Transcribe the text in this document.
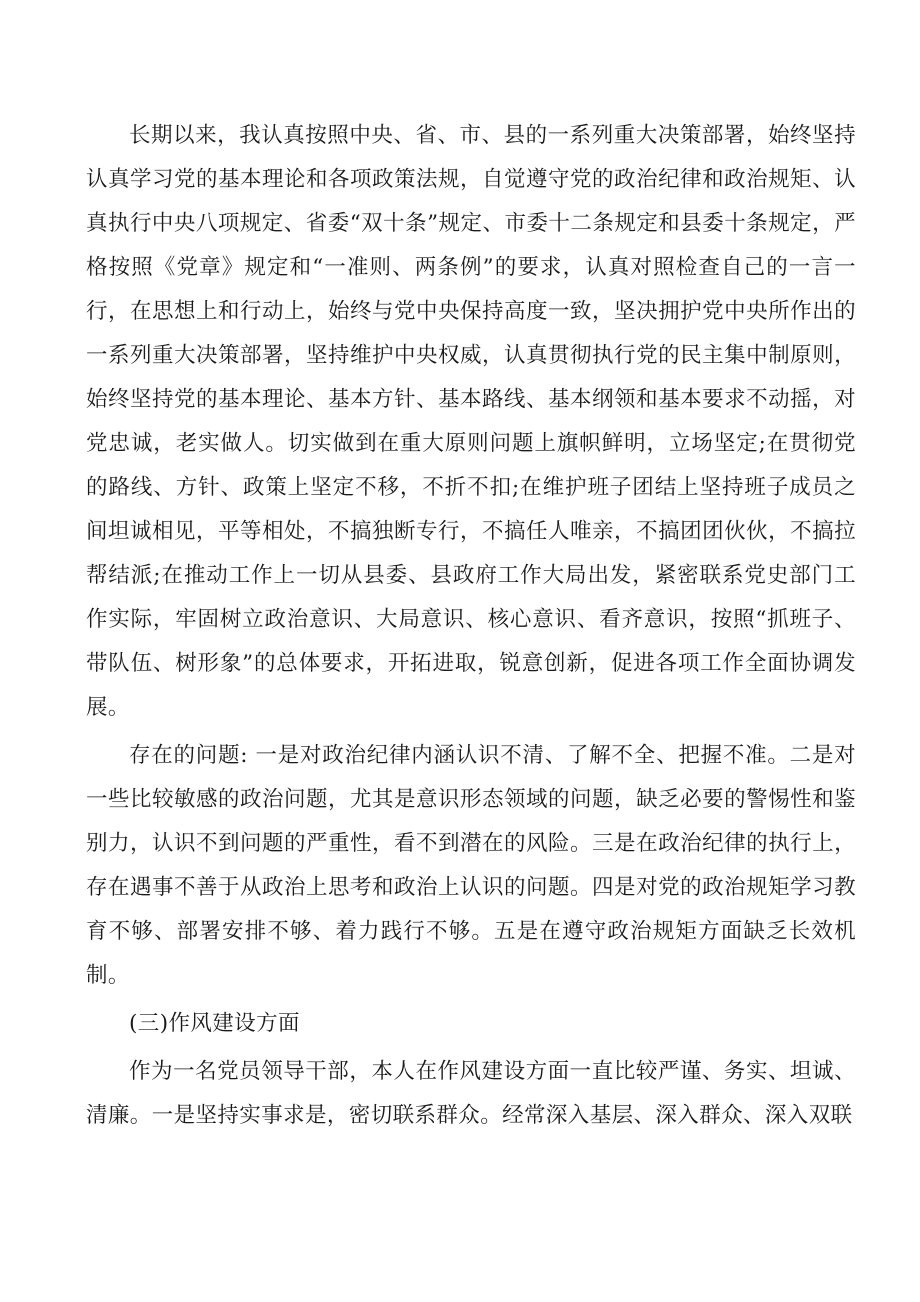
长期以来，我认真按照中央、省、市、县的一系列重大决策部署，始终坚持认真学习党的基本理论和各项政策法规，自觉遵守党的政治纪律和政治规矩、认真执行中央八项规定、省委“双十条”规定、市委十二条规定和县委十条规定，严格按照《党章》规定和“一准则、两条例”的要求，认真对照检查自己的一言一行，在思想上和行动上，始终与党中央保持高度一致，坚决拥护党中央所作出的一系列重大决策部署，坚持维护中央权威，认真贯彻执行党的民主集中制原则，始终坚持党的基本理论、基本方针、基本路线、基本纲领和基本要求不动摇，对党忠诚，老实做人。切实做到在重大原则问题上旗帜鲜明，立场坚定;在贯彻党的路线、方针、政策上坚定不移，不折不扣;在维护班子团结上坚持班子成员之间坦诚相见，平等相处，不搞独断专行，不搞任人唯亲，不搞团团伙伙，不搞拉帮结派;在推动工作上一切从县委、县政府工作大局出发，紧密联系党史部门工作实际，牢固树立政治意识、大局意识、核心意识、看齐意识，按照“抓班子、带队伍、树形象”的总体要求，开拓进取，锐意创新，促进各项工作全面协调发展。

存在的问题: 一是对政治纪律内涵认识不清、了解不全、把握不准。二是对一些比较敏感的政治问题，尤其是意识形态领域的问题，缺乏必要的警惕性和鉴别力，认识不到问题的严重性，看不到潜在的风险。三是在政治纪律的执行上，存在遇事不善于从政治上思考和政治上认识的问题。四是对党的政治规矩学习教育不够、部署安排不够、着力践行不够。五是在遵守政治规矩方面缺乏长效机制。

(三)作风建设方面

作为一名党员领导干部，本人在作风建设方面一直比较严谨、务实、坦诚、清廉。一是坚持实事求是，密切联系群众。经常深入基层、深入群众、深入双联
